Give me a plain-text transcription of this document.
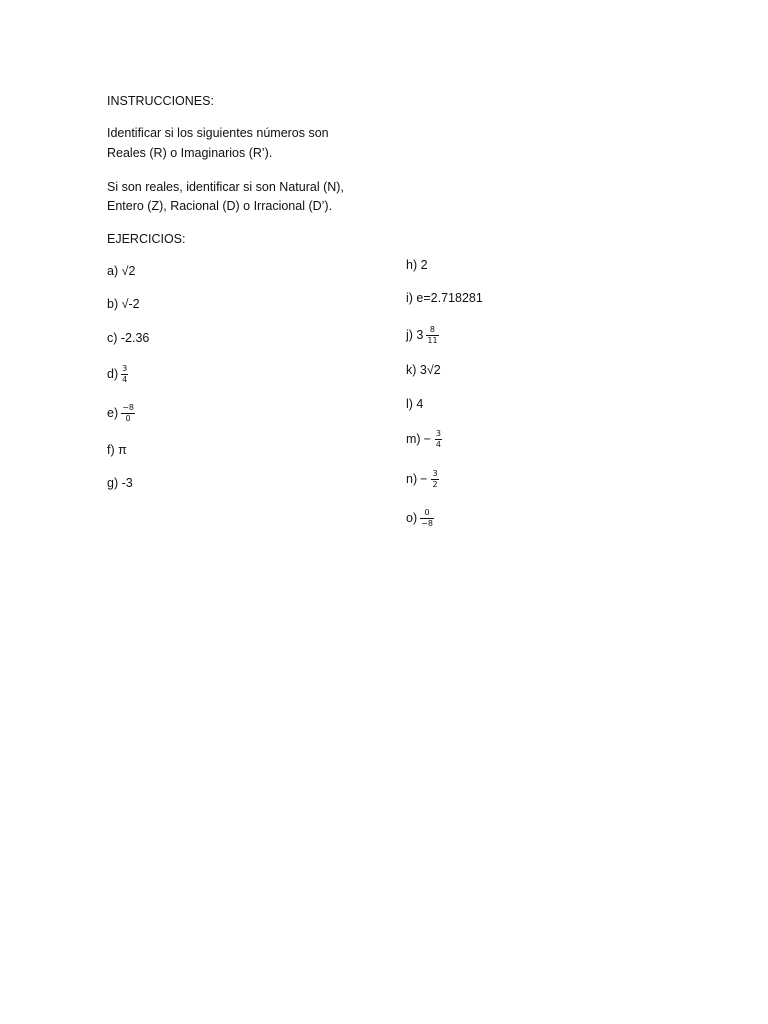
INSTRUCCIONES:
Identificar si los siguientes números son
Reales (R) o Imaginarios (R’).
Si son reales, identificar si son Natural (N),
Entero (Z), Racional (D) o Irracional (D’).
EJERCICIOS:
a) √2
b) √-2
c) -2.36
$d) \frac{3}{4}$
$e) \frac{-8}{0}$
f) π
g) -3
h) 2
i) e=2.718281
j) $3 \frac{8}{11}$
k) 3√2
l) 4
$m) - \frac{3}{4}$
$n) - \frac{3}{2}$
$o) \frac{0}{-8}$
